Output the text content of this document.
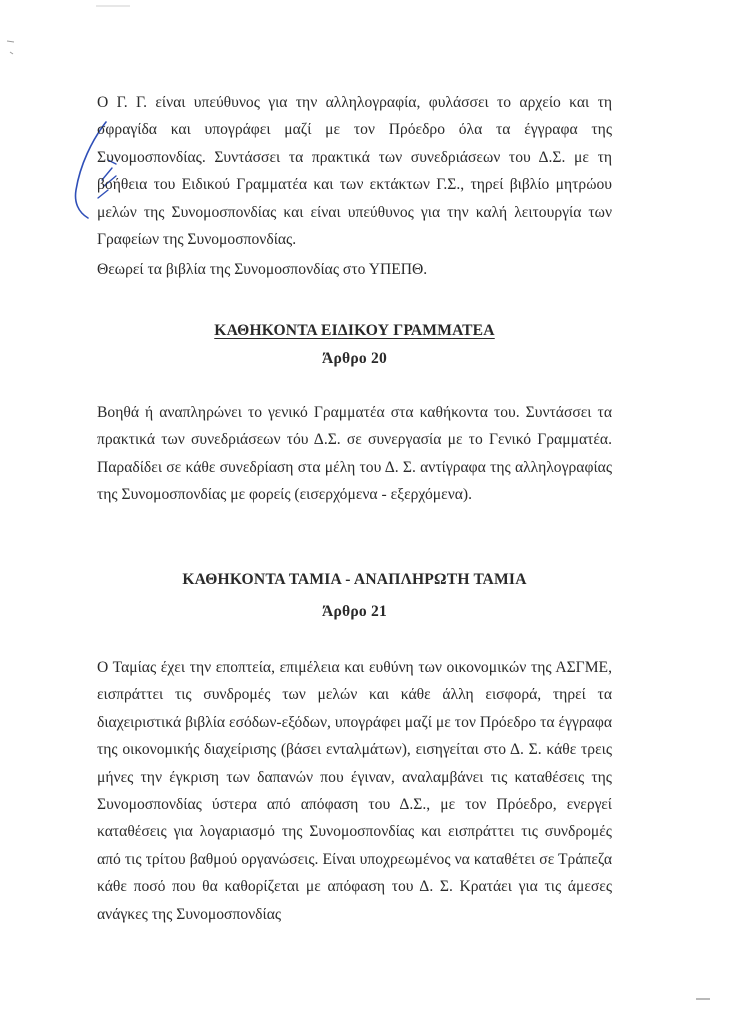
Ο Γ. Γ. είναι υπεύθυνος για την αλληλογραφία, φυλάσσει το αρχείο και τη σφραγίδα και υπογράφει μαζί με τον Πρόεδρο όλα τα έγγραφα της Συνομοσπονδίας. Συντάσσει τα πρακτικά των συνεδριάσεων του Δ.Σ. με τη βοήθεια του Ειδικού Γραμματέα και των εκτάκτων Γ.Σ., τηρεί βιβλίο μητρώου μελών της Συνομοσπονδίας και είναι υπεύθυνος για την καλή λειτουργία των Γραφείων της Συνομοσπονδίας.

Θεωρεί τα βιβλία της Συνομοσπονδίας στο ΥΠΕΠΘ.

ΚΑΘΗΚΟΝΤΑ ΕΙΔΙΚΟΥ ΓΡΑΜΜΑΤΕΑ
Άρθρο 20

Βοηθά ή αναπληρώνει το γενικό Γραμματέα στα καθήκοντα του. Συντάσσει τα πρακτικά των συνεδριάσεων τόυ Δ.Σ. σε συνεργασία με το Γενικό Γραμματέα. Παραδίδει σε κάθε συνεδρίαση στα μέλη του Δ. Σ. αντίγραφα της αλληλογραφίας της Συνομοσπονδίας με φορείς (εισερχόμενα - εξερχόμενα).

ΚΑΘΗΚΟΝΤΑ ΤΑΜΙΑ - ΑΝΑΠΛΗΡΩΤΗ ΤΑΜΙΑ
Άρθρο 21

Ο Ταμίας έχει την εποπτεία, επιμέλεια και ευθύνη των οικονομικών της ΑΣΓΜΕ, εισπράττει τις συνδρομές των μελών και κάθε άλλη εισφορά, τηρεί τα διαχειριστικά βιβλία εσόδων-εξόδων, υπογράφει μαζί με τον Πρόεδρο τα έγγραφα της οικονομικής διαχείρισης (βάσει ενταλμάτων), εισηγείται στο Δ. Σ. κάθε τρεις μήνες την έγκριση των δαπανών που έγιναν, αναλαμβάνει τις καταθέσεις της Συνομοσπονδίας ύστερα από απόφαση του Δ.Σ., με τον Πρόεδρο, ενεργεί καταθέσεις για λογαριασμό της Συνομοσπονδίας και εισπράττει τις συνδρομές από τις τρίτου βαθμού οργανώσεις. Είναι υποχρεωμένος να καταθέτει σε Τράπεζα κάθε ποσό που θα καθορίζεται με απόφαση του Δ. Σ. Κρατάει για τις άμεσες ανάγκες της Συνομοσπονδίας
